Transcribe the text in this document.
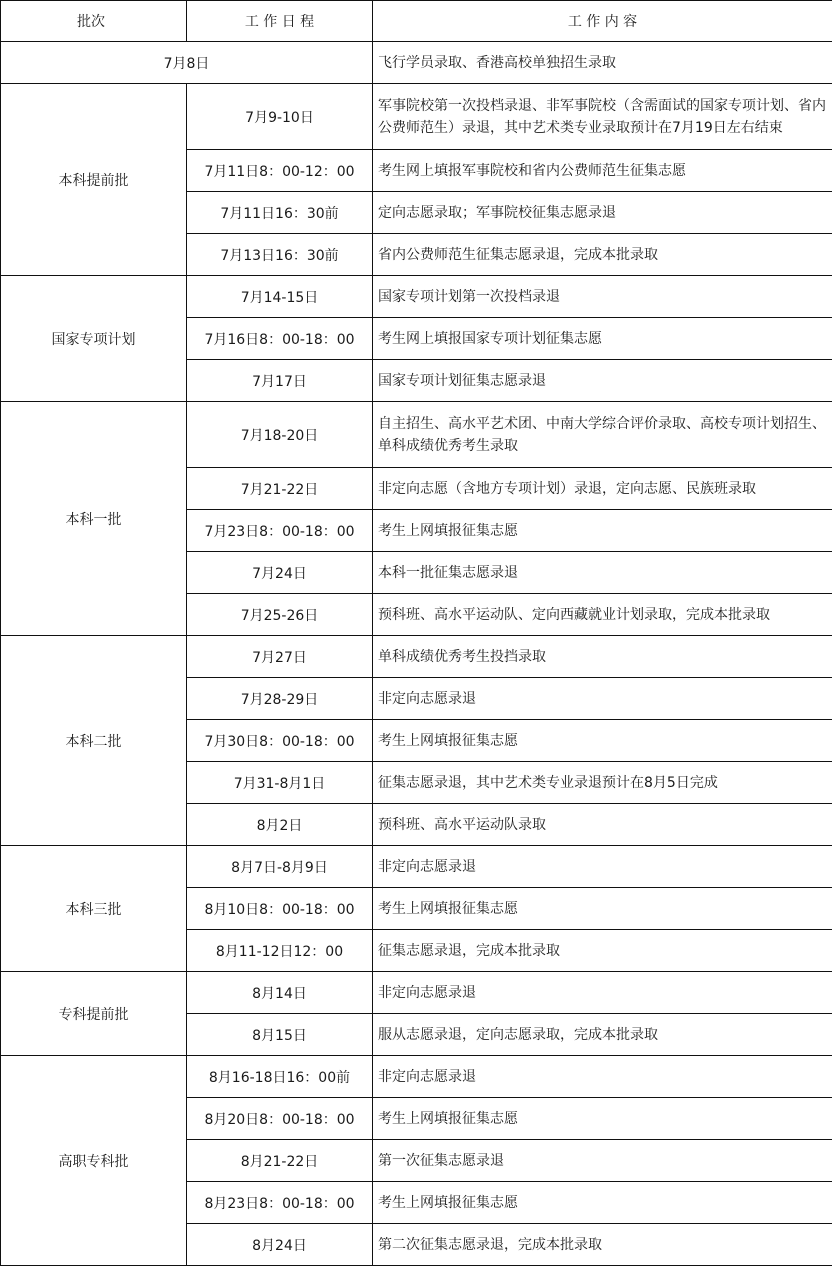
批次	工 作 日 程	工 作 内 容
7月8日		飞行学员录取、香港高校单独招生录取
本科提前批	7月9-10日	军事院校第一次投档录退、非军事院校（含需面试的国家专项计划、省内公费师范生）录退，其中艺术类专业录取预计在7月19日左右结束
	7月11日8：00-12：00	考生网上填报军事院校和省内公费师范生征集志愿
	7月11日16：30前	定向志愿录取；军事院校征集志愿录退
	7月13日16：30前	省内公费师范生征集志愿录退，完成本批录取
国家专项计划	7月14-15日	国家专项计划第一次投档录退
	7月16日8：00-18：00	考生网上填报国家专项计划征集志愿
	7月17日	国家专项计划征集志愿录退
本科一批	7月18-20日	自主招生、高水平艺术团、中南大学综合评价录取、高校专项计划招生、单科成绩优秀考生录取
	7月21-22日	非定向志愿（含地方专项计划）录退，定向志愿、民族班录取
	7月23日8：00-18：00	考生上网填报征集志愿
	7月24日	本科一批征集志愿录退
	7月25-26日	预科班、高水平运动队、定向西藏就业计划录取，完成本批录取
本科二批	7月27日	单科成绩优秀考生投挡录取
	7月28-29日	非定向志愿录退
	7月30日8：00-18：00	考生上网填报征集志愿
	7月31-8月1日	征集志愿录退，其中艺术类专业录退预计在8月5日完成
	8月2日	预科班、高水平运动队录取
本科三批	8月7日-8月9日	非定向志愿录退
	8月10日8：00-18：00	考生上网填报征集志愿
	8月11-12日12：00	征集志愿录退，完成本批录取
专科提前批	8月14日	非定向志愿录退
	8月15日	服从志愿录退，定向志愿录取，完成本批录取
高职专科批	8月16-18日16：00前	非定向志愿录退
	8月20日8：00-18：00	考生上网填报征集志愿
	8月21-22日	第一次征集志愿录退
	8月23日8：00-18：00	考生上网填报征集志愿
	8月24日	第二次征集志愿录退，完成本批录取
